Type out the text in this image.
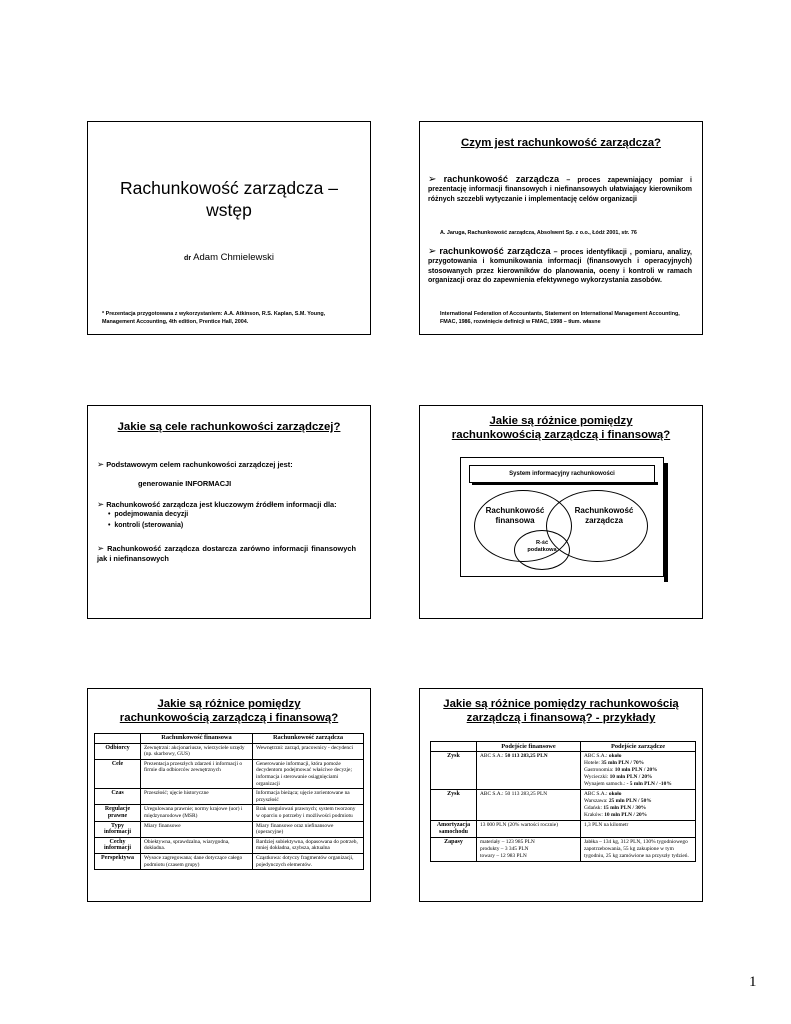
Rachunkowość zarządcza –
wstęp
dr Adam Chmielewski
* Prezentacja przygotowana z wykorzystaniem: A.A. Atkinson, R.S. Kaplan, S.M. Young,
Management Accounting, 4th edition, Prentice Hall, 2004.
Czym jest rachunkowość zarządcza?
➢ rachunkowość zarządcza – proces zapewniający pomiar i prezentację informacji finansowych i niefinansowych ułatwiający kierownikom różnych szczebli wytyczanie i implementację celów organizacji
A. Jaruga, Rachunkowość zarządcza, Absolwent Sp. z o.o., Łódź 2001, str. 76
➢ rachunkowość zarządcza – proces identyfikacji , pomiaru, analizy, przygotowania i komunikowania informacji (finansowych i operacyjnych) stosowanych przez kierowników do planowania, oceny i kontroli w ramach organizacji oraz do zapewnienia efektywnego wykorzystania zasobów.
International Federation of Accountants, Statement on International Management Accounting, FMAC, 1986, rozwinięcie definicji w FMAC, 1998 – tłum. własne
Jakie są cele rachunkowości zarządczej?
➢ Podstawowym celem rachunkowości zarządczej jest:
generowanie INFORMACJI
➢ Rachunkowość zarządcza jest kluczowym źródłem informacji dla:
•  podejmowania decyzji
•  kontroli (sterowania)
➢ Rachunkowość zarządcza dostarcza zarówno informacji finansowych jak i niefinansowych
Jakie są różnice pomiędzy
rachunkowością zarządczą i finansową?
System informacyjny rachunkowości
Rachunkowość
finansowa
Rachunkowość
zarządcza
R-ść
podatkowa
Jakie są różnice pomiędzy
rachunkowością zarządczą i finansową?
	Rachunkowość finansowa	Rachunkowość zarządcza
Odbiorcy	Zewnętrzni: akcjonariusze, wierzyciele urzędy (np. skarbowy, GUS)	Wewnętrzni: zarząd, pracownicy - decydenci
Cele	Prezentacja przeszłych zdarzeń i informacji o firmie dla odbiorców zewnętrznych	Generowanie informacji, która pomoże decydentom podejmować właściwe decyzje; informacja i sterowanie osiągnięciami organizacji
Czas	Przeszłość; ujęcie historyczne	Informacja bieżąca; ujęcie zorientowane na przyszłość
Regulacje prawne	Uregulowana prawnie; normy krajowe (uor) i międzynarodowe (MSR)	Brak uregulowań prawnych; system tworzony w oparciu o potrzeby i możliwości podmiotu
Typy informacji	Miary finansowe	Miary finansowe oraz niefinansowe (operacyjne)
Cechy informacji	Obiektywna, sprawdzalna, wiarygodna, dokładna.	Bardziej subiektywna, dopasowana do potrzeb, mniej dokładna, szybsza, aktualna
Perspektywa	Wysoce zagregowana; dane dotyczące całego podmiotu (czasem grupy)	Cząstkowa: dotyczy fragmentów organizacji, pojedynczych elementów.
Jakie są różnice pomiędzy rachunkowością
zarządczą i finansową? - przykłady
	Podejście finansowe	Podejście zarządcze
Zysk	ABC S.A.: 50 113 283,25 PLN	ABC S.A.: około
Hotele: 35 mln PLN / 70%
Gastronomia: 10 mln PLN / 20%
Wycieczki: 10 mln PLN / 20%
Wynajem samoch.: - 5 mln PLN / -10%

Zysk	ABC S.A.: 50 113 283,25 PLN	ABC S.A.: około
Warszawa: 25 mln PLN / 50%
Gdańsk: 15 mln PLN / 30%
Kraków: 10 mln PLN / 20%

Amortyzacja samochodu	13 000 PLN (20% wartości rocznie)	1,3 PLN na kilometr
Zapasy	materiały – 123 985 PLN
produkty – 3 345 PLN
towary – 12 983 PLN	Jabłka – 134 kg, 312 PLN, 130% tygodniowego zapotrzebowania, 55 kg zakupione w tym tygodniu, 25 kg zamówione na przyszły tydzień.
1
